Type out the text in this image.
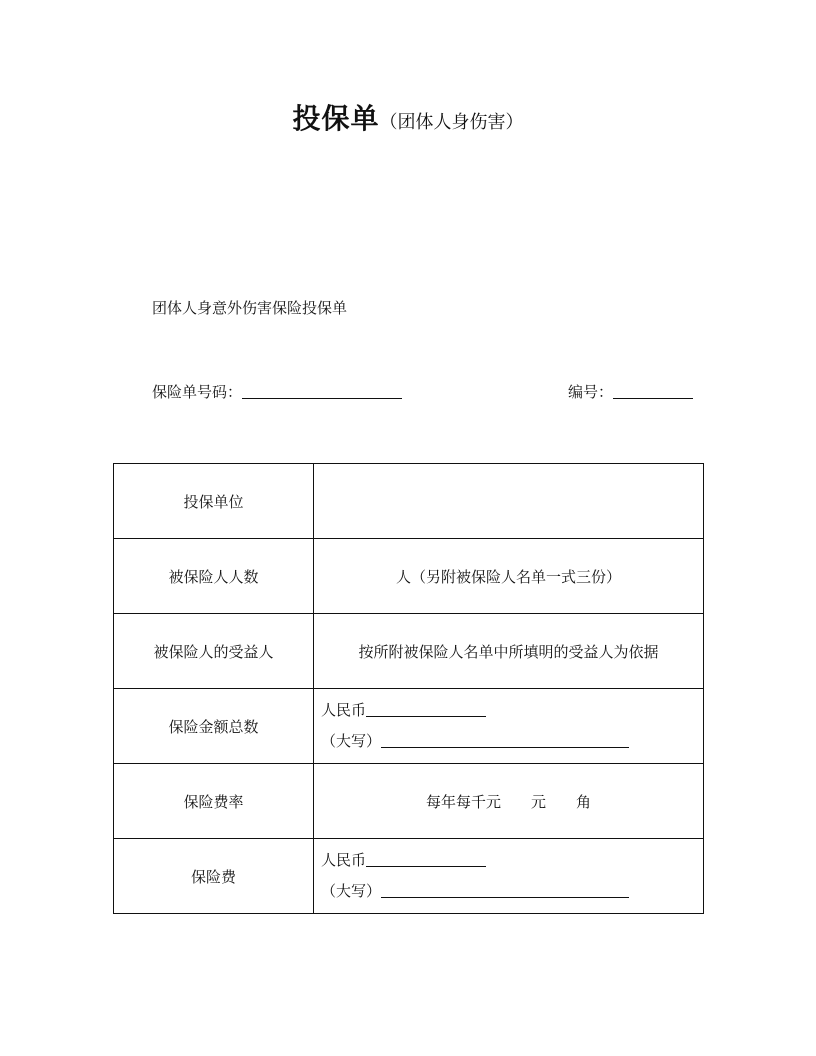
投保单（团体人身伤害）
团体人身意外伤害保险投保单
保险单号码：	编号：
投保单位	
被保险人人数	人（另附被保险人名单一式三份）
被保险人的受益人	按所附被保险人名单中所填明的受益人为依据
保险金额总数	人民币
（大写）

保险费率	每年每千元　　元　　角
保险费	人民币
（大写）
